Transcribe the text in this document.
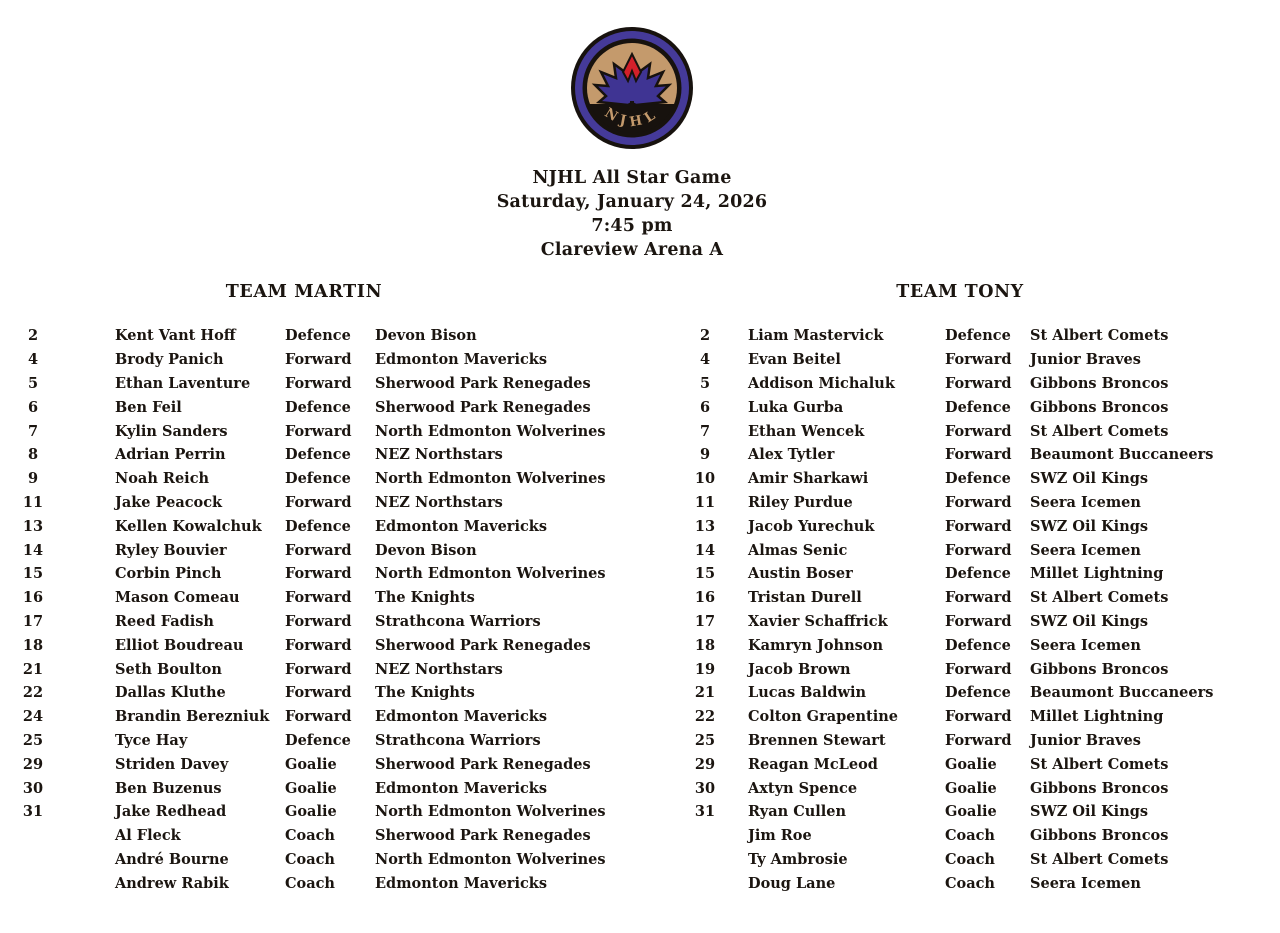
NJHL
NJHL All Star Game
Saturday, January 24, 2026
7:45 pm
Clareview Arena A
TEAM MARTIN	TEAM TONY
2	Kent Vant Hoff	Defence	Devon Bison
4	Brody Panich	Forward	Edmonton Mavericks
5	Ethan Laventure	Forward	Sherwood Park Renegades
6	Ben Feil	Defence	Sherwood Park Renegades
7	Kylin Sanders	Forward	North Edmonton Wolverines
8	Adrian Perrin	Defence	NEZ Northstars
9	Noah Reich	Defence	North Edmonton Wolverines
11	Jake Peacock	Forward	NEZ Northstars
13	Kellen Kowalchuk	Defence	Edmonton Mavericks
14	Ryley Bouvier	Forward	Devon Bison
15	Corbin Pinch	Forward	North Edmonton Wolverines
16	Mason Comeau	Forward	The Knights
17	Reed Fadish	Forward	Strathcona Warriors
18	Elliot Boudreau	Forward	Sherwood Park Renegades
21	Seth Boulton	Forward	NEZ Northstars
22	Dallas Kluthe	Forward	The Knights
24	Brandin Berezniuk	Forward	Edmonton Mavericks
25	Tyce Hay	Defence	Strathcona Warriors
29	Striden Davey	Goalie	Sherwood Park Renegades
30	Ben Buzenus	Goalie	Edmonton Mavericks
31	Jake Redhead	Goalie	North Edmonton Wolverines
Al Fleck	Coach	Sherwood Park Renegades
André Bourne	Coach	North Edmonton Wolverines
Andrew Rabik	Coach	Edmonton Mavericks
2	Liam Mastervick	Defence	St Albert Comets
4	Evan Beitel	Forward	Junior Braves
5	Addison Michaluk	Forward	Gibbons Broncos
6	Luka Gurba	Defence	Gibbons Broncos
7	Ethan Wencek	Forward	St Albert Comets
9	Alex Tytler	Forward	Beaumont Buccaneers
10	Amir Sharkawi	Defence	SWZ Oil Kings
11	Riley Purdue	Forward	Seera Icemen
13	Jacob Yurechuk	Forward	SWZ Oil Kings
14	Almas Senic	Forward	Seera Icemen
15	Austin Boser	Defence	Millet Lightning
16	Tristan Durell	Forward	St Albert Comets
17	Xavier Schaffrick	Forward	SWZ Oil Kings
18	Kamryn Johnson	Defence	Seera Icemen
19	Jacob Brown	Forward	Gibbons Broncos
21	Lucas Baldwin	Defence	Beaumont Buccaneers
22	Colton Grapentine	Forward	Millet Lightning
25	Brennen Stewart	Forward	Junior Braves
29	Reagan McLeod	Goalie	St Albert Comets
30	Axtyn Spence	Goalie	Gibbons Broncos
31	Ryan Cullen	Goalie	SWZ Oil Kings
Jim Roe	Coach	Gibbons Broncos
Ty Ambrosie	Coach	St Albert Comets
Doug Lane	Coach	Seera Icemen
